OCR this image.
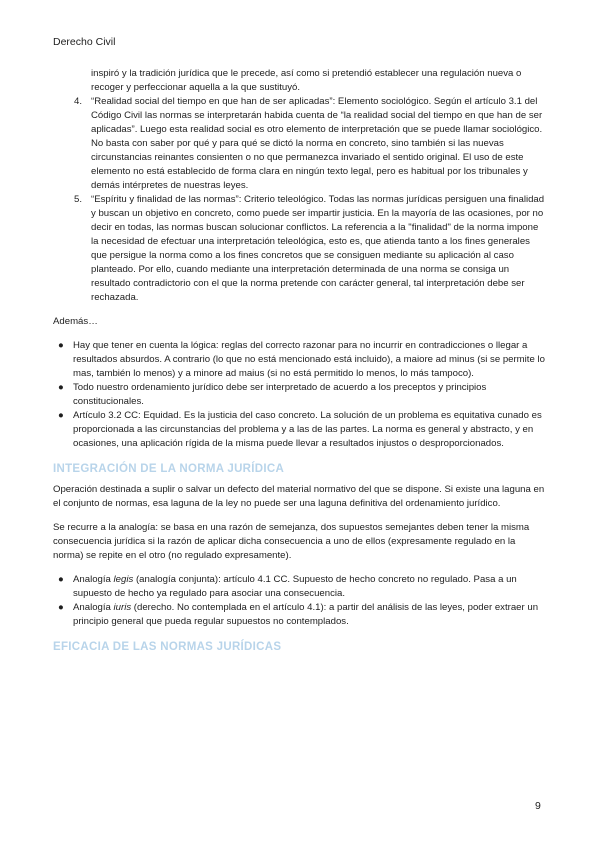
Derecho Civil

inspiró y la tradición jurídica que le precede, así como si pretendió establecer una regulación nueva o recoger y perfeccionar aquella a la que sustituyó.

4. “Realidad social del tiempo en que han de ser aplicadas”: Elemento sociológico. Según el artículo 3.1 del Código Civil las normas se interpretarán habida cuenta de “la realidad social del tiempo en que han de ser aplicadas”. Luego esta realidad social es otro elemento de interpretación que se puede llamar sociológico. No basta con saber por qué y para qué se dictó la norma en concreto, sino también si las nuevas circunstancias reinantes consienten o no que permanezca invariado el sentido original. El uso de este elemento no está establecido de forma clara en ningún texto legal, pero es habitual por los tribunales y demás intérpretes de nuestras leyes.
5. “Espíritu y finalidad de las normas”: Criterio teleológico. Todas las normas jurídicas persiguen una finalidad y buscan un objetivo en concreto, como puede ser impartir justicia. En la mayoría de las ocasiones, por no decir en todas, las normas buscan solucionar conflictos. La referencia a la "finalidad" de la norma impone la necesidad de efectuar una interpretación teleológica, esto es, que atienda tanto a los fines generales que persigue la norma como a los fines concretos que se consiguen mediante su aplicación al caso planteado. Por ello, cuando mediante una interpretación determinada de una norma se consiga un resultado contradictorio con el que la norma pretende con carácter general, tal interpretación debe ser rechazada.

Además…

● Hay que tener en cuenta la lógica: reglas del correcto razonar para no incurrir en contradicciones o llegar a resultados absurdos. A contrario (lo que no está mencionado está incluido), a maiore ad minus (si se permite lo mas, también lo menos) y a minore ad maius (si no está permitido lo menos, lo más tampoco).
● Todo nuestro ordenamiento jurídico debe ser interpretado de acuerdo a los preceptos y principios constitucionales.
● Artículo 3.2 CC: Equidad. Es la justicia del caso concreto. La solución de un problema es equitativa cunado es proporcionada a las circunstancias del problema y a las de las partes. La norma es general y abstracto, y en ocasiones, una aplicación rígida de la misma puede llevar a resultados injustos o desproporcionados.
INTEGRACIÓN DE LA NORMA JURÍDICA

Operación destinada a suplir o salvar un defecto del material normativo del que se dispone. Si existe una laguna en el conjunto de normas, esa laguna de la ley no puede ser una laguna definitiva del ordenamiento jurídico.

Se recurre a la analogía: se basa en una razón de semejanza, dos supuestos semejantes deben tener la misma consecuencia jurídica si la razón de aplicar dicha consecuencia a uno de ellos (expresamente regulado en la norma) se repite en el otro (no regulado expresamente).

● Analogía legis (analogía conjunta): artículo 4.1 CC. Supuesto de hecho concreto no regulado. Pasa a un supuesto de hecho ya regulado para asociar una consecuencia.
● Analogía iuris (derecho. No contemplada en el artículo 4.1): a partir del análisis de las leyes, poder extraer un principio general que pueda regular supuestos no contemplados.
EFICACIA DE LAS NORMAS JURÍDICAS
9
